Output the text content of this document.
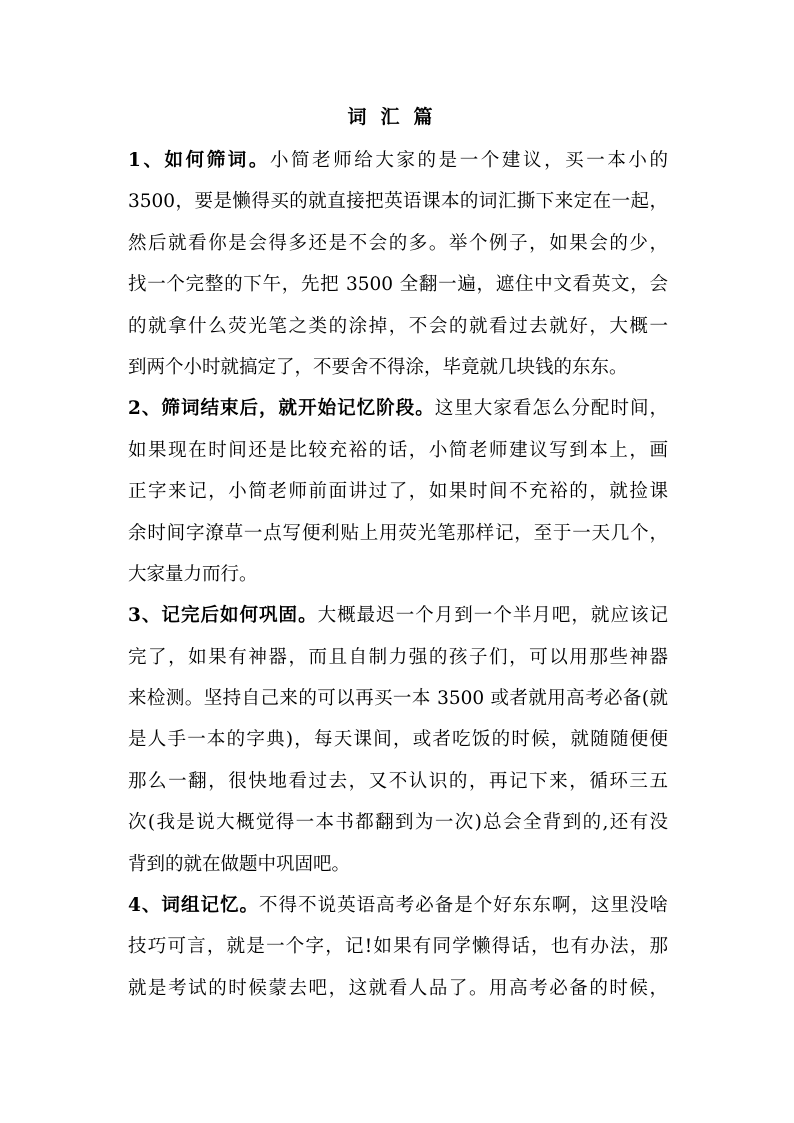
词汇篇
1、如何筛词。小简老师给大家的是一个建议，买一本小的
3500，要是懒得买的就直接把英语课本的词汇撕下来定在一起，
然后就看你是会得多还是不会的多。举个例子，如果会的少，
找一个完整的下午，先把 3500 全翻一遍，遮住中文看英文，会
的就拿什么荧光笔之类的涂掉，不会的就看过去就好，大概一
到两个小时就搞定了，不要舍不得涂，毕竟就几块钱的东东。
2、筛词结束后，就开始记忆阶段。这里大家看怎么分配时间，
如果现在时间还是比较充裕的话，小简老师建议写到本上，画
正字来记，小简老师前面讲过了，如果时间不充裕的，就捡课
余时间字潦草一点写便利贴上用荧光笔那样记，至于一天几个，
大家量力而行。
3、记完后如何巩固。大概最迟一个月到一个半月吧，就应该记
完了，如果有神器，而且自制力强的孩子们，可以用那些神器
来检测。坚持自己来的可以再买一本 3500 或者就用高考必备(就
是人手一本的字典)，每天课间，或者吃饭的时候，就随随便便
那么一翻，很快地看过去，又不认识的，再记下来，循环三五
次(我是说大概觉得一本书都翻到为一次)总会全背到的,还有没
背到的就在做题中巩固吧。
4、词组记忆。不得不说英语高考必备是个好东东啊，这里没啥
技巧可言，就是一个字，记!如果有同学懒得话，也有办法，那
就是考试的时候蒙去吧，这就看人品了。用高考必备的时候，
